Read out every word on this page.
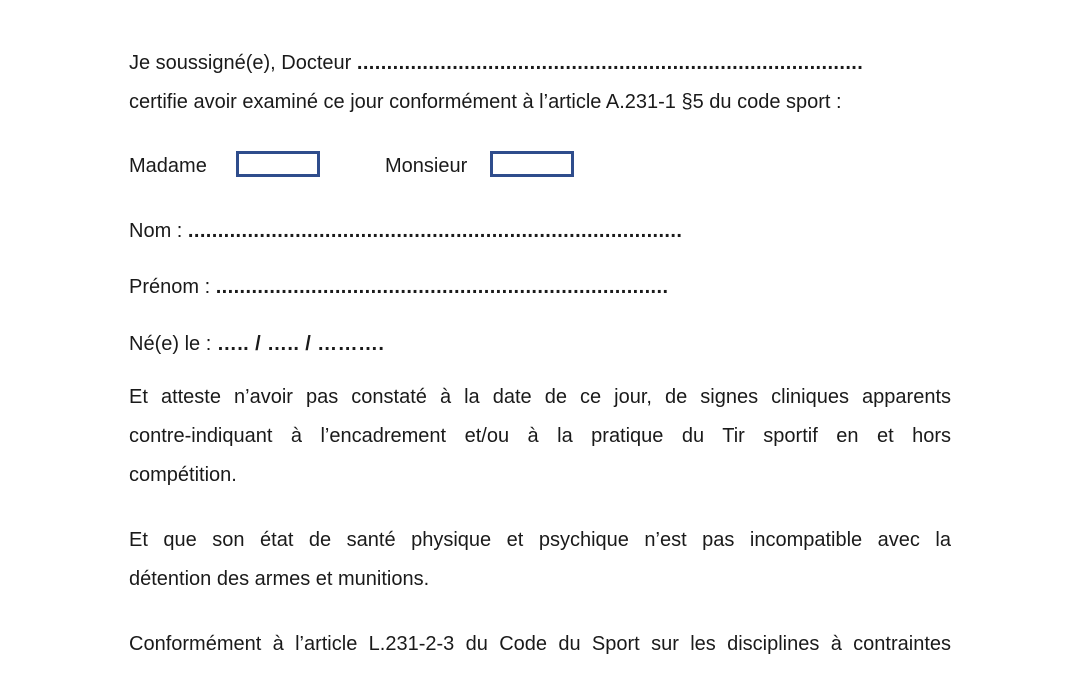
Je soussigné(e), Docteur .....................................................................................
certifie avoir examiné ce jour conformément à l’article A.231-1 §5 du code sport :
Madame	Monsieur
Nom : ...................................................................................
Prénom : ............................................................................
Né(e) le : ….. / ….. / ……….
Et atteste n’avoir pas constaté à la date de ce jour, de signes cliniques apparents
contre-indiquant à l’encadrement et/ou à la pratique du Tir sportif en et hors
compétition.
Et que son état de santé physique et psychique n’est pas incompatible avec la
détention des armes et munitions.
Conformément à l’article L.231-2-3 du Code du Sport sur les disciplines à contraintes
